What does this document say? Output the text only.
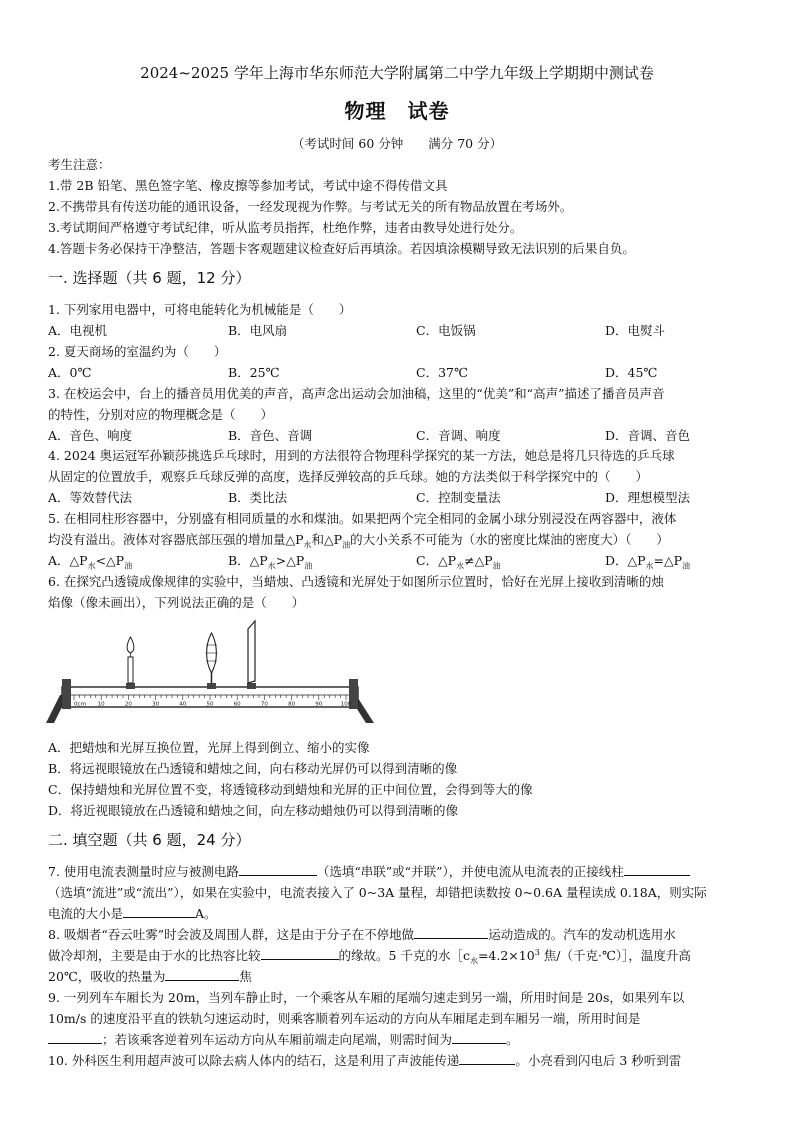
2024~2025 学年上海市华东师范大学附属第二中学九年级上学期期中测试卷
物理　试卷
（考试时间 60 分钟　　满分 70 分）
考生注意：
1.带 2B 铅笔、黑色签字笔、橡皮擦等参加考试，考试中途不得传借文具
2.不携带具有传送功能的通讯设备，一经发现视为作弊。与考试无关的所有物品放置在考场外。
3.考试期间严格遵守考试纪律，听从监考员指挥，杜绝作弊，违者由教导处进行处分。
4.答题卡务必保持干净整洁，答题卡客观题建议检查好后再填涂。若因填涂模糊导致无法识别的后果自负。
一. 选择题（共 6 题，12 分）
1. 下列家用电器中，可将电能转化为机械能是（　　）
A．电视机	B．电风扇	C．电饭锅	D．电熨斗
2. 夏天商场的室温约为（　　）
A．0℃	B．25℃	C．37℃	D．45℃
3. 在校运会中，台上的播音员用优美的声音，高声念出运动会加油稿，这里的“优美”和“高声”描述了播音员声音
的特性，分别对应的物理概念是（　　）
A．音色、响度	B．音色、音调	C．音调、响度	D．音调、音色
4. 2024 奥运冠军孙颖莎挑选乒乓球时，用到的方法很符合物理科学探究的某一方法，她总是将几只待选的乒乓球
从固定的位置放手，观察乒乓球反弹的高度，选择反弹较高的乒乓球。她的方法类似于科学探究中的（　　）
A．等效替代法	B．类比法	C．控制变量法	D．理想模型法
5. 在相同柱形容器中，分别盛有相同质量的水和煤油。如果把两个完全相同的金属小球分别浸没在两容器中，液体
均没有溢出。液体对容器底部压强的增加量$\triangle P_水$和$\triangle P_油$的大小关系不可能为（水的密度比煤油的密度大）（　　）
A．$\triangle P_水<\triangle P_油$	B．$\triangle P_水>\triangle P_油$	C．$\triangle P_水\ne\triangle P_油$	D．$\triangle P_水=\triangle P_油$
6. 在探究凸透镜成像规律的实验中，当蜡烛、凸透镜和光屏处于如图所示位置时，恰好在光屏上接收到清晰的烛
焰像（像未画出），下列说法正确的是（　　）
0cm 10	20	30	40	50	60	70	80	90	100
A．把蜡烛和光屏互换位置，光屏上得到倒立、缩小的实像
B．将远视眼镜放在凸透镜和蜡烛之间，向右移动光屏仍可以得到清晰的像
C．保持蜡烛和光屏位置不变，将透镜移动到蜡烛和光屏的正中间位置，会得到等大的像
D．将近视眼镜放在凸透镜和蜡烛之间，向左移动蜡烛仍可以得到清晰的像
二. 填空题（共 6 题，24 分）
7. 使用电流表测量时应与被测电路	（选填“串联”或“并联”），并使电流从电流表的正接线柱
（选填“流进”或“流出”），如果在实验中，电流表接入了 0~3A 量程，却错把读数按 0~0.6A 量程读成 0.18A，则实际
电流的大小是	A。
8. 吸烟者“吞云吐雾”时会波及周围人群，这是由于分子在不停地做	运动造成的。汽车的发动机选用水
做冷却剂，主要是由于水的比热容比较	的缘故。5 千克的水$[c_水=4.2\times 10^3$ 焦/（千克·℃）］，温度升高
20℃，吸收的热量为	焦
9. 一列列车车厢长为 20m，当列车静止时，一个乘客从车厢的尾端匀速走到另一端，所用时间是 20s，如果列车以
10m/s 的速度沿平直的铁轨匀速运动时，则乘客顺着列车运动的方向从车厢尾走到车厢另一端，所用时间是
；若该乘客逆着列车运动方向从车厢前端走向尾端，则需时间为	。
10. 外科医生利用超声波可以除去病人体内的结石，这是利用了声波能传递	。小亮看到闪电后 3 秒听到雷
